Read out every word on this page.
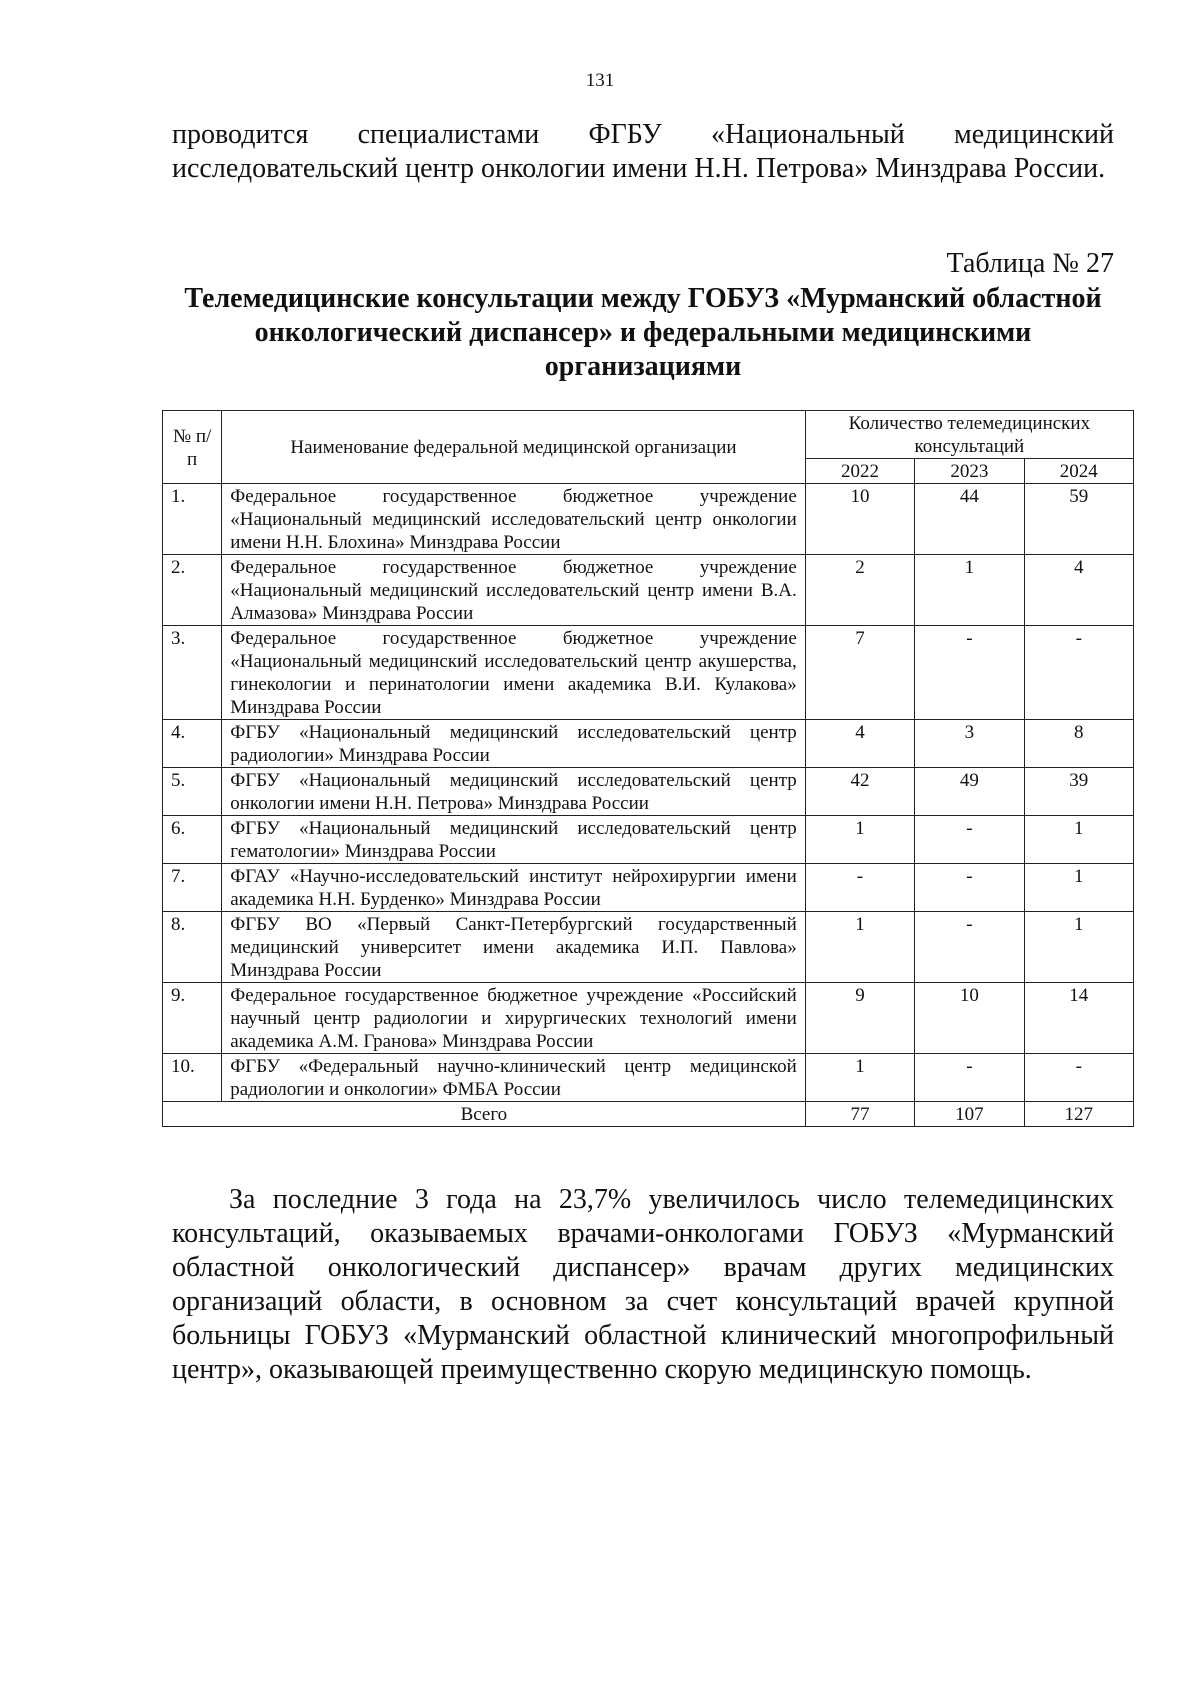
131
проводится специалистами ФГБУ «Национальный медицинский исследовательский центр онкологии имени Н.Н. Петрова» Минздрава России.
Таблица № 27
Телемедицинские консультации между ГОБУЗ «Мурманский областной онкологический диспансер» и федеральными медицинскими организациями
№ п/п	Наименование федеральной медицинской организации	Количество телемедицинских консультаций		
		2022	2023	2024
1.	Федеральное государственное бюджетное учреждение «Национальный медицинский исследовательский центр онкологии имени Н.Н. Блохина» Минздрава России	10	44	59
2.	Федеральное государственное бюджетное учреждение «Национальный медицинский исследовательский центр имени В.А. Алмазова» Минздрава России	2	1	4
3.	Федеральное государственное бюджетное учреждение «Национальный медицинский исследовательский центр акушерства, гинекологии и перинатологии имени академика В.И. Кулакова» Минздрава России	7	-	-
4.	ФГБУ «Национальный медицинский исследовательский центр радиологии» Минздрава России	4	3	8
5.	ФГБУ «Национальный медицинский исследовательский центр онкологии имени Н.Н. Петрова» Минздрава России	42	49	39
6.	ФГБУ «Национальный медицинский исследовательский центр гематологии» Минздрава России	1	-	1
7.	ФГАУ «Научно-исследовательский институт нейрохирургии имени академика Н.Н. Бурденко» Минздрава России	-	-	1
8.	ФГБУ ВО «Первый Санкт-Петербургский государственный медицинский университет имени академика И.П. Павлова» Минздрава России	1	-	1
9.	Федеральное государственное бюджетное учреждение «Российский научный центр радиологии и хирургических технологий имени академика А.М. Гранова» Минздрава России	9	10	14
10.	ФГБУ «Федеральный научно-клинический центр медицинской радиологии и онкологии» ФМБА России	1	-	-
Всего		77	107	127
За последние 3 года на 23,7% увеличилось число телемедицинских консультаций, оказываемых врачами-онкологами ГОБУЗ «Мурманский областной онкологический диспансер» врачам других медицинских организаций области, в основном за счет консультаций врачей крупной больницы ГОБУЗ «Мурманский областной клинический многопрофильный центр», оказывающей преимущественно скорую медицинскую помощь.
